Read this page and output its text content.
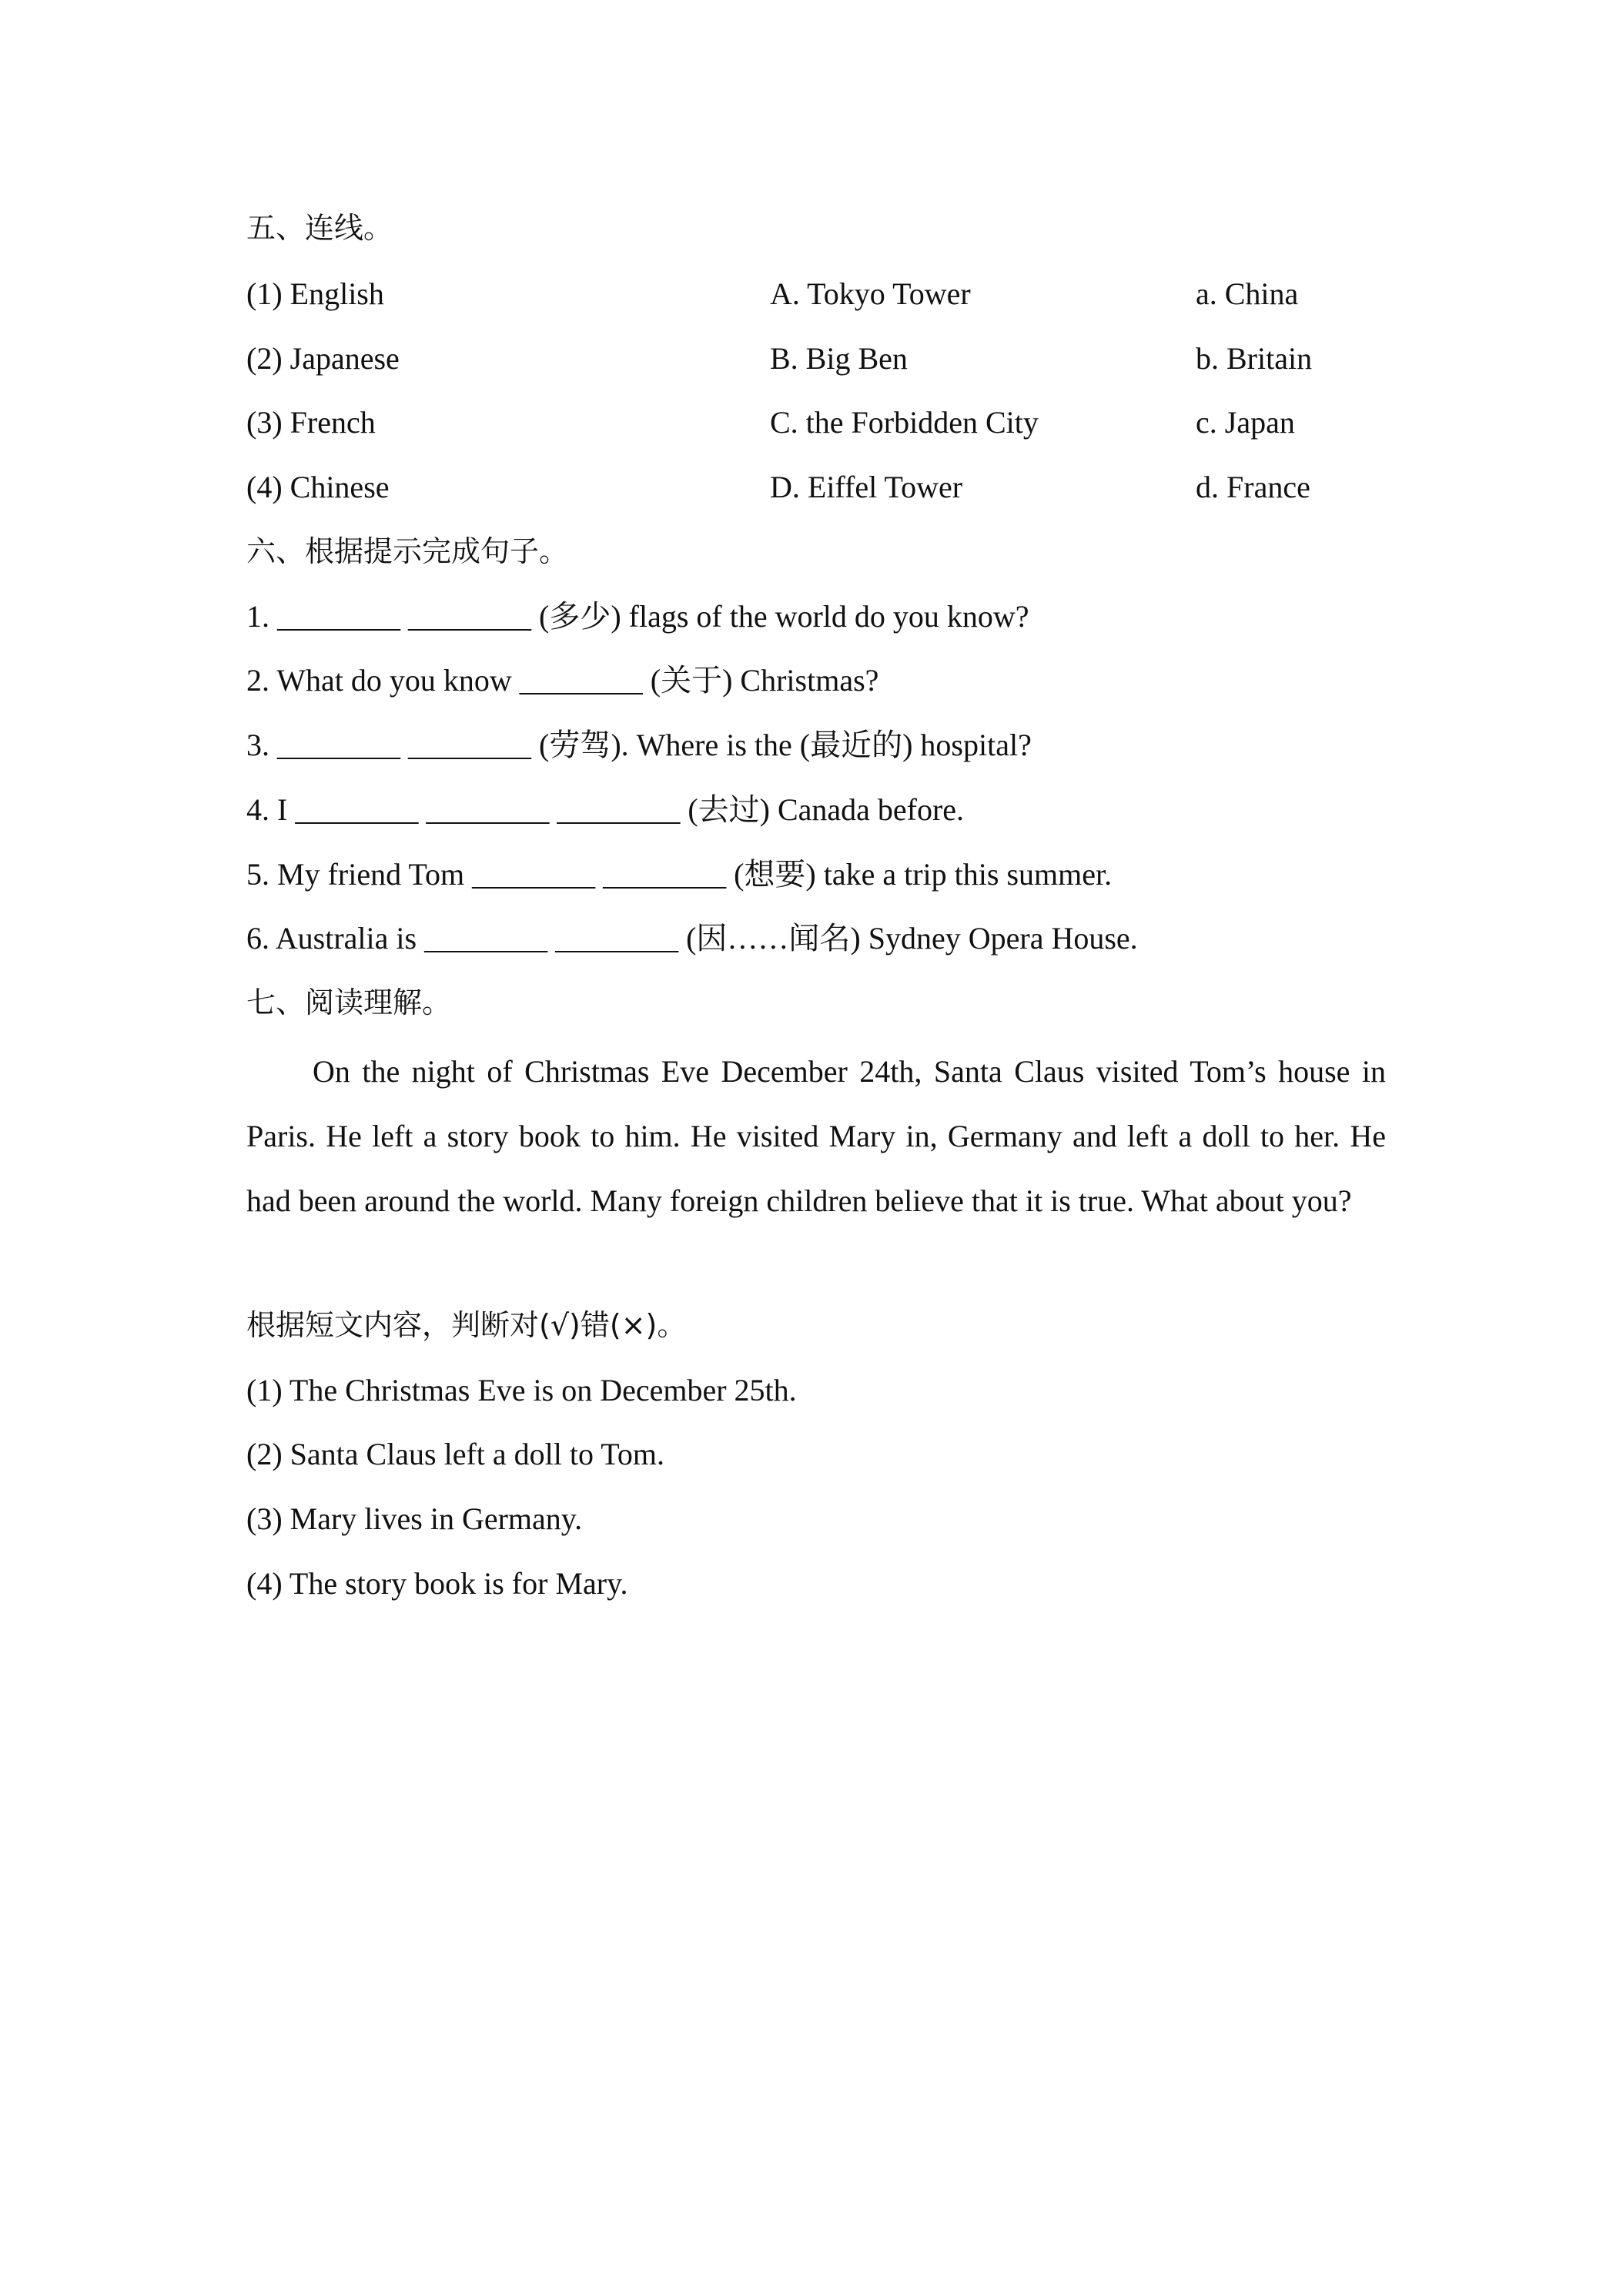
五、连线。
(1) English	A. Tokyo Tower	a. China
(2) Japanese	B. Big Ben	b. Britain
(3) French	C. the Forbidden City	c. Japan
(4) Chinese	D. Eiffel Tower	d. France
六、根据提示完成句子。
1. ________ ________ (多少) flags of the world do you know?
2. What do you know ________ (关于) Christmas?
3. ________ ________ (劳驾). Where is the (最近的) hospital?
4. I ________ ________ ________ (去过) Canada before.
5. My friend Tom ________ ________ (想要) take a trip this summer.
6. Australia is ________ ________ (因……闻名) Sydney Opera House.
七、阅读理解。
On the night of Christmas Eve December 24th, Santa Claus visited Tom’s house in Paris. He left a story book to him. He visited Mary in, Germany and left a doll to her. He had been around the world. Many foreign children believe that it is true. What about you?
根据短文内容，判断对(√)错(×)。
(1) The Christmas Eve is on December 25th.
(2) Santa Claus left a doll to Tom.
(3) Mary lives in Germany.
(4) The story book is for Mary.
